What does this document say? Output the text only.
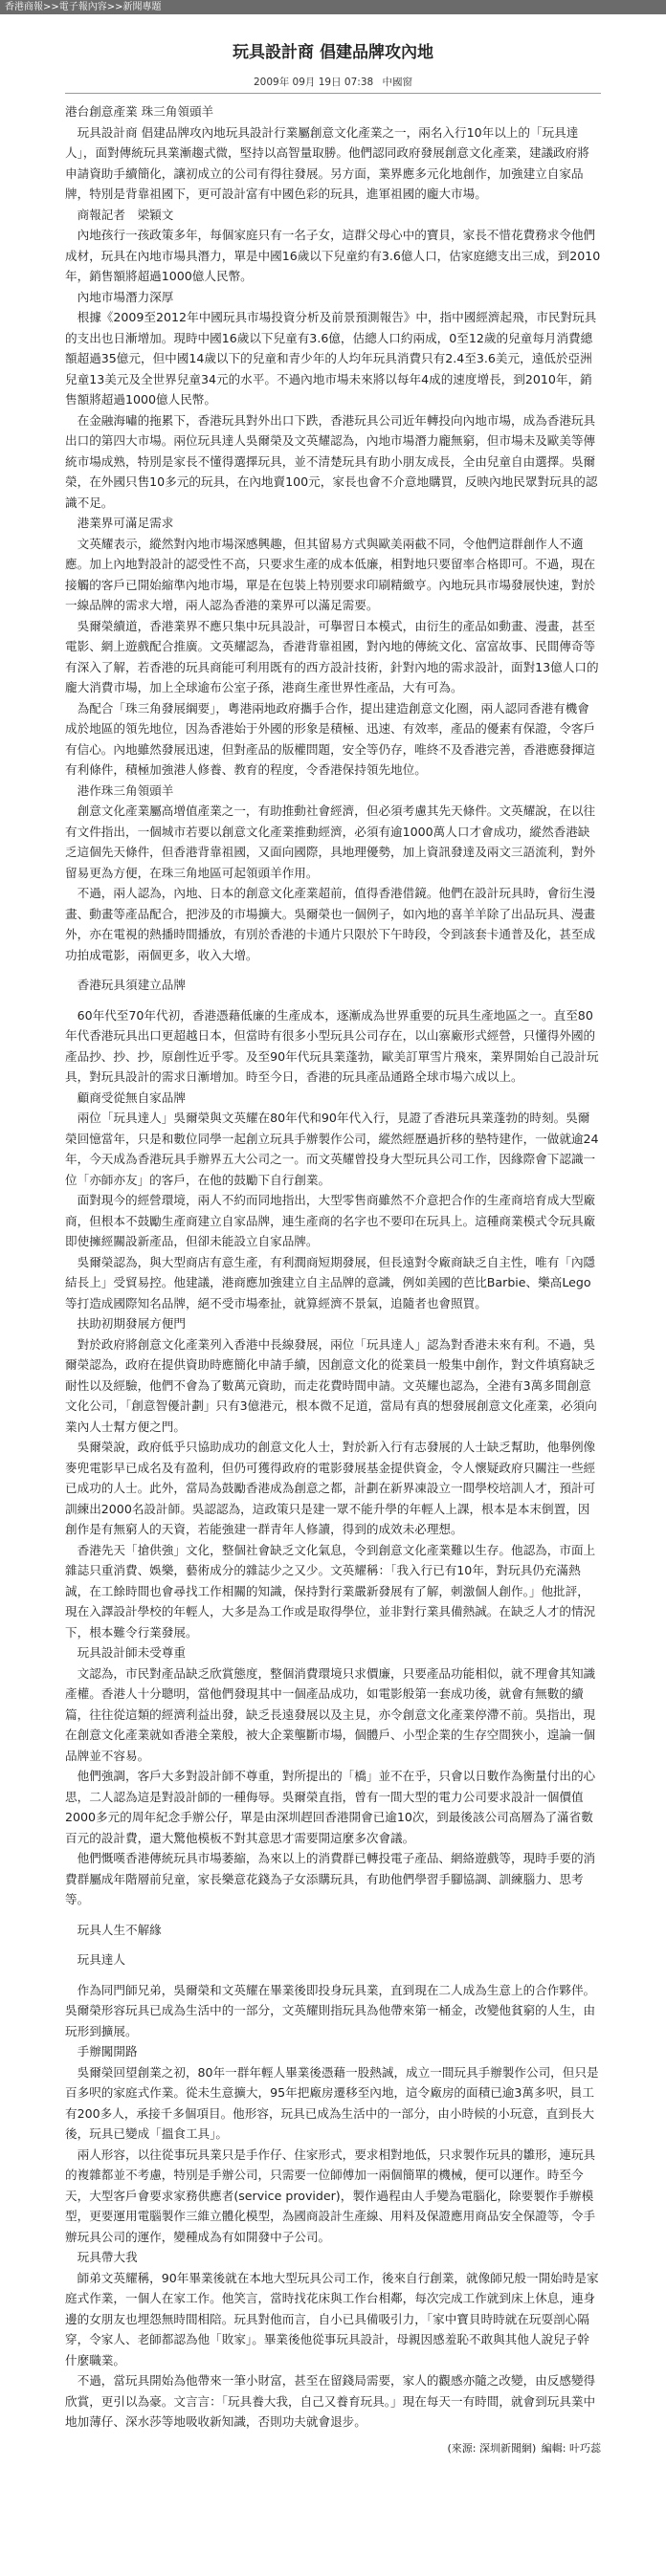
香港商報>>電子報內容>>新聞專題
玩具設計商 倡建品牌攻內地
2009年 09月 19日 07:38 中國窗
港台創意產業 珠三角領頭羊
　玩具設計商 倡建品牌攻內地玩具設計行業屬創意文化產業之一，兩名入行10年以上的「玩具達人」，面對傳統玩具業漸趨式微，堅持以高智量取勝。他們認同政府發展創意文化產業，建議政府將申請資助手續簡化，讓初成立的公司有得往發展。另方面，業界應多元化地創作，加強建立自家品牌，特別是背靠祖國下，更可設計富有中國色彩的玩具，進軍祖國的龐大市場。
　商報記者　梁穎文
　內地孩行一孩政策多年，每個家庭只有一名子女，這群父母心中的寶貝，家長不惜花費務求令他們成材，玩具在內地市場具潛力，單是中國16歲以下兒童約有3.6億人口，估家庭總支出三成，到2010年，銷售額將超過1000億人民幣。
　內地市場潛力深厚
　根據《2009至2012年中國玩具市場投資分析及前景預測報告》中，指中國經濟起飛，市民對玩具的支出也日漸增加。現時中國16歲以下兒童有3.6億，估總人口約兩成，0至12歲的兒童每月消費總額超過35億元，但中國14歲以下的兒童和青少年的人均年玩具消費只有2.4至3.6美元，遠低於亞洲兒童13美元及全世界兒童34元的水平。不過內地市場未來將以每年4成的速度增長，到2010年，銷售額將超過1000億人民幣。
　在金融海嘯的拖累下，香港玩具對外出口下跌，香港玩具公司近年轉投向內地市場，成為香港玩具出口的第四大市場。兩位玩具達人吳爾榮及文英耀認為，內地市場潛力龐無窮，但市場未及歐美等傳統市場成熟，特別是家長不懂得選擇玩具，並不清楚玩具有助小朋友成長，全由兒童自由選擇。吳爾榮，在外國只售10多元的玩具，在內地賣100元，家長也會不介意地購買，反映內地民眾對玩具的認識不足。
　港業界可滿足需求
　文英耀表示，縱然對內地市場深感興趣，但其留易方式與歐美兩截不同，令他們這群創作人不適應。加上內地對設計的認受性不高，只要求生產的成本低廉，相對地只要留率合格即可。不過，現在接觸的客戶已開始縮準內地市場，單是在包裝上特別要求印刷精緻亨。內地玩具市場發展快速，對於一線品牌的需求大增，兩人認為香港的業界可以滿足需要。
　吳爾榮續道，香港業界不應只集中玩具設計，可擧習日本模式，由衍生的產品如動畫、漫畫，甚至電影、網上遊戲配合推廣。文英耀認為，香港背靠祖國，對內地的傳統文化、富富故事、民間傳奇等有深入了解，若香港的玩具商能可利用既有的西方設計技術，針對內地的需求設計，面對13億人口的龐大消費市場，加上全球逾布公室子孫，港商生產世界性產品，大有可為。
　為配合「珠三角發展綱要」，粵港兩地政府攜手合作，提出建造創意文化圈，兩人認同香港有機會成於地區的領先地位，因為香港始于外國的形象是積極、迅速、有效率，產品的優素有保證，令客戶有信心。內地雖然發展迅速，但對產品的版權問題，安全等仍存，唯終不及香港完善，香港應發揮這有利條件，積極加強港人修養、教育的程度，令香港保持領先地位。
　港作珠三角領頭羊
　創意文化產業屬高增值產業之一，有助推動社會經濟，但必須考慮其先天條件。文英耀說，在以往有文件指出，一個城市若要以創意文化產業推動經濟，必須有逾1000萬人口才會成功，縱然香港缺乏這個先天條件，但香港背靠祖國，又面向國際，具地理優勢，加上資訊發達及兩文三語流利，對外留易更為方便，在珠三角地區可起領頭羊作用。
　不過，兩人認為，內地、日本的創意文化產業超前，值得香港借鏡。他們在設計玩具時，會衍生漫畫、動畫等產品配合，把涉及的市場擴大。吳爾榮也一個例子，如內地的喜羊羊除了出品玩具、漫畫外，亦在電視的熱播時間播放，有別於香港的卡通片只限於下午時段，令到該套卡通普及化，甚至成功拍成電影，兩個更多，收入大增。
　香港玩具須建立品牌
　60年代至70年代初，香港憑藉低廉的生產成本，逐漸成為世界重要的玩具生產地區之一。直至80年代香港玩具出口更超越日本，但當時有很多小型玩具公司存在，以山寨廠形式經營，只懂得外國的產品抄、抄、抄，原創性近乎零。及至90年代玩具業蓬勃，歐美訂單雪片飛來，業界開始自己設計玩具，對玩具設計的需求日漸增加。時至今日，香港的玩具產品通路全球市場六成以上。
　顧商受從無自家品牌
　兩位「玩具達人」吳爾榮與文英耀在80年代和90年代入行，見證了香港玩具業蓬勃的時刻。吳爾榮回憶當年，只是和數位同學一起創立玩具手辦製作公司，縱然經歷過折移的墊特建作，一做就逾24年，今天成為香港玩具手辦界五大公司之一。而文英耀曾投身大型玩具公司工作，因緣際會下認識一位「亦師亦友」的客戶，在他的鼓勵下自行創業。
　面對現今的經營環境，兩人不約而同地指出，大型零售商雖然不介意把合作的生產商培育成大型廠商，但根本不鼓勵生產商建立自家品牌，連生產商的名字也不要印在玩具上。這種商業模式令玩具廠即使擁經關設新產品，但卻未能設立自家品牌。
　吳爾榮認為，與大型商店有意生產，有利潤商短期發展，但長遠對令廠商缺乏自主性，唯有「內隱結長上」受貿易控。他建議，港商應加強建立自主品牌的意識，例如美國的芭比Barbie、樂高Lego等打造成國際知名品牌，絕不受市場牽扯，就算經濟不景氣，追隨者也會照買。
　扶助初期發展方便門
　對於政府將創意文化產業列入香港中長線發展，兩位「玩具達人」認為對香港未來有利。不過，吳爾榮認為，政府在提供資助時應簡化申請手續，因創意文化的從業員一般集中創作，對文件填寫缺乏耐性以及經驗，他們不會為了數萬元資助，而走花費時間申請。文英耀也認為，全港有3萬多間創意文化公司，「創意智優計劃」只有3億港元，根本微不足道，當局有真的想發展創意文化產業，必須向業內人士幫方便之門。
　吳爾榮說，政府低乎只協助成功的創意文化人士，對於新入行有志發展的人士缺乏幫助，他舉例像麥兜電影早已成名及有盈利，但仍可獲得政府的電影發展基金提供資金，令人懷疑政府只關注一些經已成功的人士。此外，當局為鼓勵香港成為創意之都，計劃在新界凍設立一間學校培訓人才，預計可訓練出2000名設計師。吳認認為，這政策只是建一眾不能升學的年輕人上課，根本是本末倒置，因創作是有無窮人的天資，若能強建一群青年人修讀，得到的成效未必理想。
　香港先天「搶供強」文化，整個社會缺乏文化氣息，令到創意文化產業難以生存。他認為，市面上雜誌只重消費、娛樂，藝術成分的雜誌少之又少。文英耀稱：「我入行已有10年，對玩具仍充滿熱誠，在工餘時間也會尋找工作相關的知識，保持對行業嚴新發展有了解，刺激個人創作。」他批評，現在入譯設計學校的年輕人，大多是為工作或是取得學位，並非對行業具備熱誠。在缺乏人才的情況下，根本難令行業發展。
　玩具設計師未受尊重
　文認為，市民對產品缺乏欣賞態度，整個消費環境只求價廉，只要產品功能相似，就不理會其知識產權。香港人十分聰明，當他們發現其中一個產品成功，如電影般第一套成功後，就會有無數的續篇，往往從這類的經濟利益出發，缺乏長遠發展以及主見，亦令創意文化產業停滯不前。吳指出，現在創意文化產業就如香港全業般，被大企業壟斷市場，個體戶、小型企業的生存空間狹小，遑論一個品牌並不容易。
　他們強調，客戶大多對設計師不尊重，對所提出的「橋」並不在乎，只會以日數作為衡量付出的心思，二人認為這是對設計師的一種侮辱。吳爾榮直指，曾有一間大型的電力公司要求設計一個價值2000多元的周年紀念手辦公仔，單是由深圳趕回香港開會已逾10次，到最後該公司高層為了滿省數百元的設計費，還大驚他模板不對其意思才需要開這麼多次會議。
　他們慨嘆香港傳統玩具市場萎縮，為來以上的消費群已轉投電子產品、網絡遊戲等，現時手要的消費群屬成年階層前兒童，家長樂意花錢為子女添購玩具，有助他們學習手腳協調、訓練腦力、思考等。
　玩具人生不解緣
　玩具達人
　作為同門師兄弟，吳爾榮和文英耀在畢業後即投身玩具業，直到現在二人成為生意上的合作夥伴。吳爾榮形容玩具已成為生活中的一部分，文英耀則指玩具為他帶來第一桶金，改變他貧窮的人生，由玩形到擴展。
　手辦闖開路
　吳爾榮回望創業之初，80年一群年輕人畢業後憑藉一股熱誠，成立一間玩具手辦製作公司，但只是百多呎的家庭式作業。從未生意擴大，95年把廠房遷移至內地，這令廠房的面積已逾3萬多呎，員工有200多人，承接千多個項目。他形容，玩具已成為生活中的一部分，由小時候的小玩意，直到長大後，玩具已變成「搵食工具」。
　兩人形容，以往從事玩具業只是手作仔、住家形式，要求相對地低，只求製作玩具的雛形，連玩具的複雜都並不考慮，特別是手辦公司，只需要一位師傅加一兩個簡單的機械，便可以運作。時至今天，大型客戶會要求家務供應者(service provider)，製作過程由人手變為電腦化，除要製作手辦模型，更要運用電腦製作三維立體化模型，為國商設計生產線、用料及保證應用商品安全保證等，令手辦玩具公司的運作，變種成為有如開發中子公司。
　玩具帶大我
　師弟文英耀稱，90年畢業後就在本地大型玩具公司工作，後來自行創業，就像師兄般一開始時是家庭式作業，一個人在家工作。他笑言，當時找花床與工作台相鄰，每次完成工作就到床上休息，連身邊的女朋友也埋怨無時間相陪。玩具對他而言，自小已具備吸引力，「家中寶貝時時就在玩耍剖心隔穿，令家人、老師都認為他「敗家」。畢業後他從事玩具設計，母親因感羞恥不敢與其他人說兒子幹什麼職業。
　不過，當玩具開始為他帶來一筆小財富，甚至在留錢局需要，家人的觀感亦隨之改變，由反感變得欣賞，更引以為豪。文言言：「玩具養大我，自己又養育玩具。」現在每天一有時間，就會到玩具業中地加薄仔、深水莎等地吸收新知識，否則功夫就會退步。
(來源: 深圳新聞網) 編輯: 叶巧蕊
